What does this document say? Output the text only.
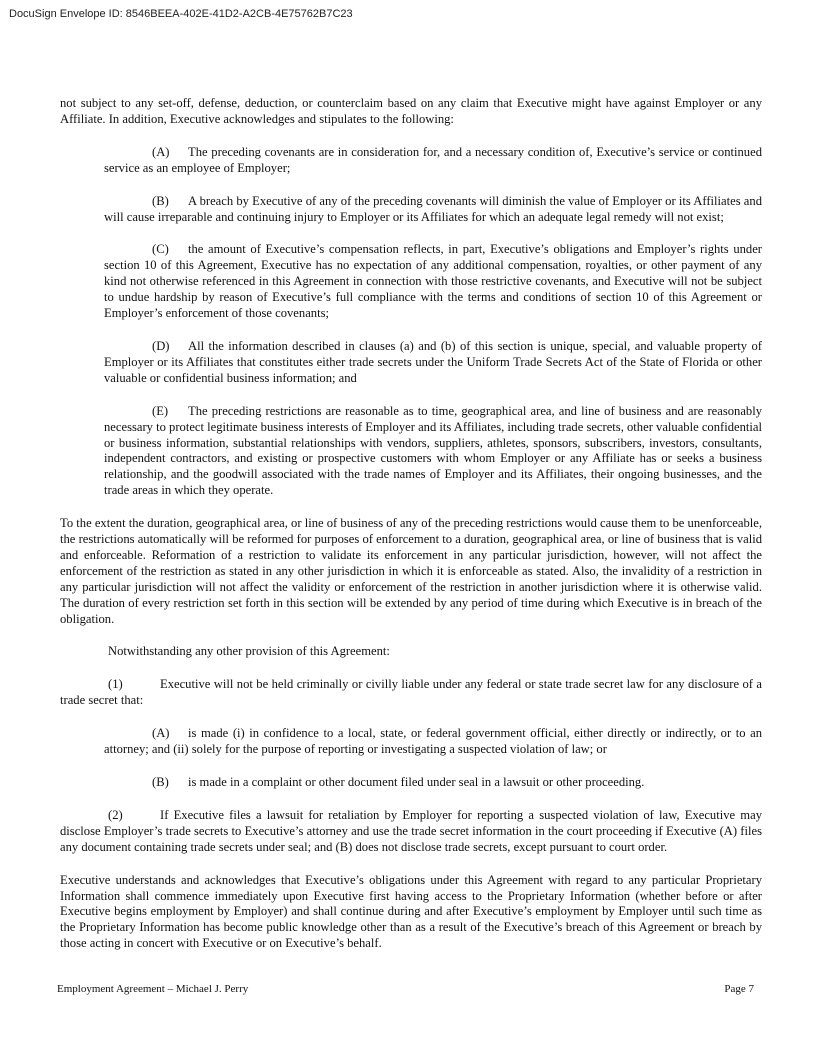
DocuSign Envelope ID: 8546BEEA-402E-41D2-A2CB-4E75762B7C23

not subject to any set-off, defense, deduction, or counterclaim based on any claim that Executive might have against Employer or any Affiliate. In addition, Executive acknowledges and stipulates to the following:

(A) The preceding covenants are in consideration for, and a necessary condition of, Executive’s service or continued service as an employee of Employer;

(B) A breach by Executive of any of the preceding covenants will diminish the value of Employer or its Affiliates and will cause irreparable and continuing injury to Employer or its Affiliates for which an adequate legal remedy will not exist;

(C) the amount of Executive’s compensation reflects, in part, Executive’s obligations and Employer’s rights under section 10 of this Agreement, Executive has no expectation of any additional compensation, royalties, or other payment of any kind not otherwise referenced in this Agreement in connection with those restrictive covenants, and Executive will not be subject to undue hardship by reason of Executive’s full compliance with the terms and conditions of section 10 of this Agreement or Employer’s enforcement of those covenants;

(D) All the information described in clauses (a) and (b) of this section is unique, special, and valuable property of Employer or its Affiliates that constitutes either trade secrets under the Uniform Trade Secrets Act of the State of Florida or other valuable or confidential business information; and

(E) The preceding restrictions are reasonable as to time, geographical area, and line of business and are reasonably necessary to protect legitimate business interests of Employer and its Affiliates, including trade secrets, other valuable confidential or business information, substantial relationships with vendors, suppliers, athletes, sponsors, subscribers, investors, consultants, independent contractors, and existing or prospective customers with whom Employer or any Affiliate has or seeks a business relationship, and the goodwill associated with the trade names of Employer and its Affiliates, their ongoing businesses, and the trade areas in which they operate.

To the extent the duration, geographical area, or line of business of any of the preceding restrictions would cause them to be unenforceable, the restrictions automatically will be reformed for purposes of enforcement to a duration, geographical area, or line of business that is valid and enforceable. Reformation of a restriction to validate its enforcement in any particular jurisdiction, however, will not affect the enforcement of the restriction as stated in any other jurisdiction in which it is enforceable as stated. Also, the invalidity of a restriction in any particular jurisdiction will not affect the validity or enforcement of the restriction in another jurisdiction where it is otherwise valid. The duration of every restriction set forth in this section will be extended by any period of time during which Executive is in breach of the obligation.

Notwithstanding any other provision of this Agreement:

(1)	Executive will not be held criminally or civilly liable under any federal or state trade secret law for any disclosure of a trade secret that:

(A) is made (i) in confidence to a local, state, or federal government official, either directly or indirectly, or to an attorney; and (ii) solely for the purpose of reporting or investigating a suspected violation of law; or

(B) is made in a complaint or other document filed under seal in a lawsuit or other proceeding.

(2)	If Executive files a lawsuit for retaliation by Employer for reporting a suspected violation of law, Executive may disclose Employer’s trade secrets to Executive’s attorney and use the trade secret information in the court proceeding if Executive (A) files any document containing trade secrets under seal; and (B) does not disclose trade secrets, except pursuant to court order.

Executive understands and acknowledges that Executive’s obligations under this Agreement with regard to any particular Proprietary Information shall commence immediately upon Executive first having access to the Proprietary Information (whether before or after Executive begins employment by Employer) and shall continue during and after Executive’s employment by Employer until such time as the Proprietary Information has become public knowledge other than as a result of the Executive’s breach of this Agreement or breach by those acting in concert with Executive or on Executive’s behalf.

Employment Agreement – Michael J. Perry	Page 7
